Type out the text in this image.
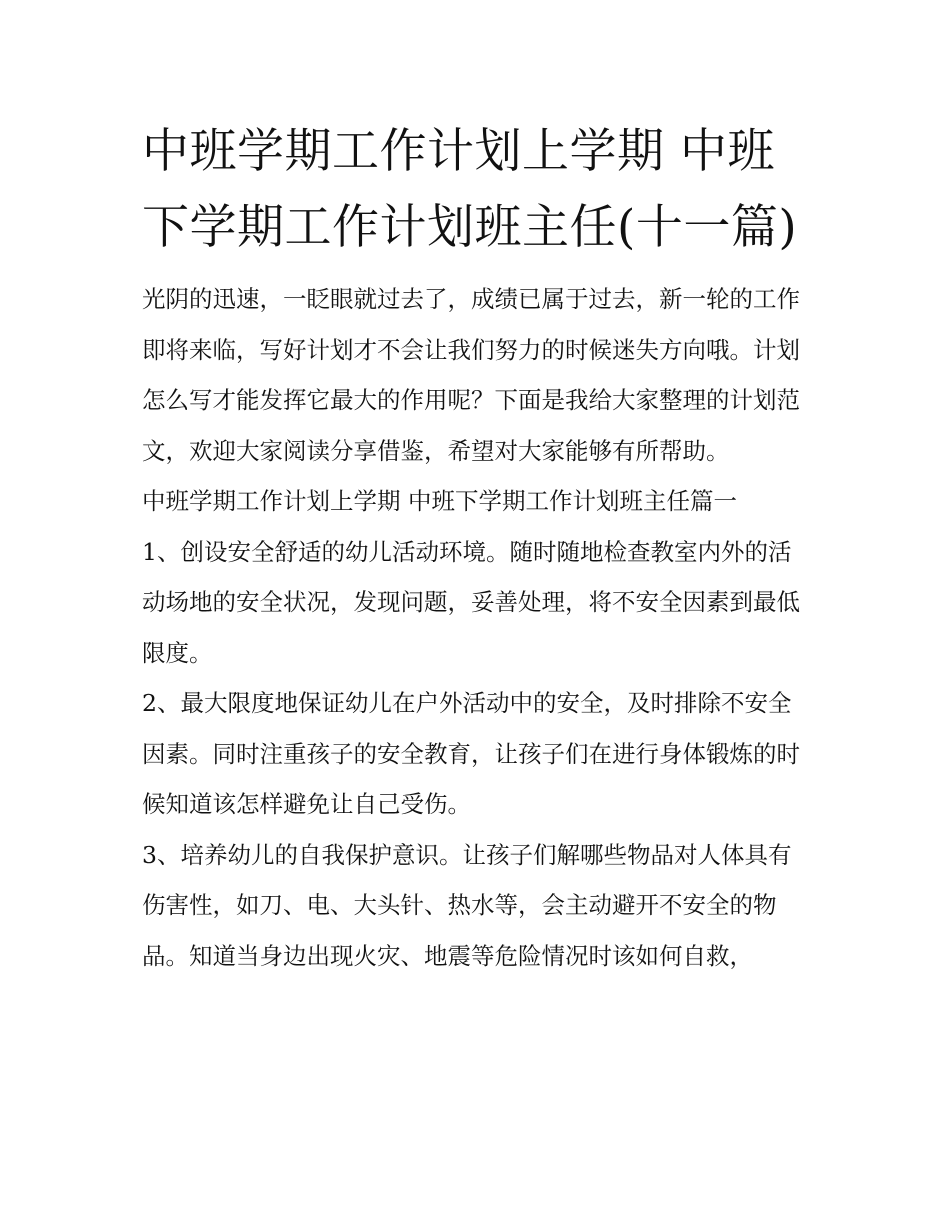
中班学期工作计划上学期 中班下学期工作计划班主任(十一篇)

光阴的迅速，一眨眼就过去了，成绩已属于过去，新一轮的工作即将来临，写好计划才不会让我们努力的时候迷失方向哦。计划怎么写才能发挥它最大的作用呢？下面是我给大家整理的计划范文，欢迎大家阅读分享借鉴，希望对大家能够有所帮助。

中班学期工作计划上学期 中班下学期工作计划班主任篇一

1、创设安全舒适的幼儿活动环境。随时随地检查教室内外的活动场地的安全状况，发现问题，妥善处理，将不安全因素到最低限度。

2、最大限度地保证幼儿在户外活动中的安全，及时排除不安全因素。同时注重孩子的安全教育，让孩子们在进行身体锻炼的时候知道该怎样避免让自己受伤。

3、培养幼儿的自我保护意识。让孩子们解哪些物品对人体具有伤害性，如刀、电、大头针、热水等，会主动避开不安全的物品。知道当身边出现火灾、地震等危险情况时该如何自救，
